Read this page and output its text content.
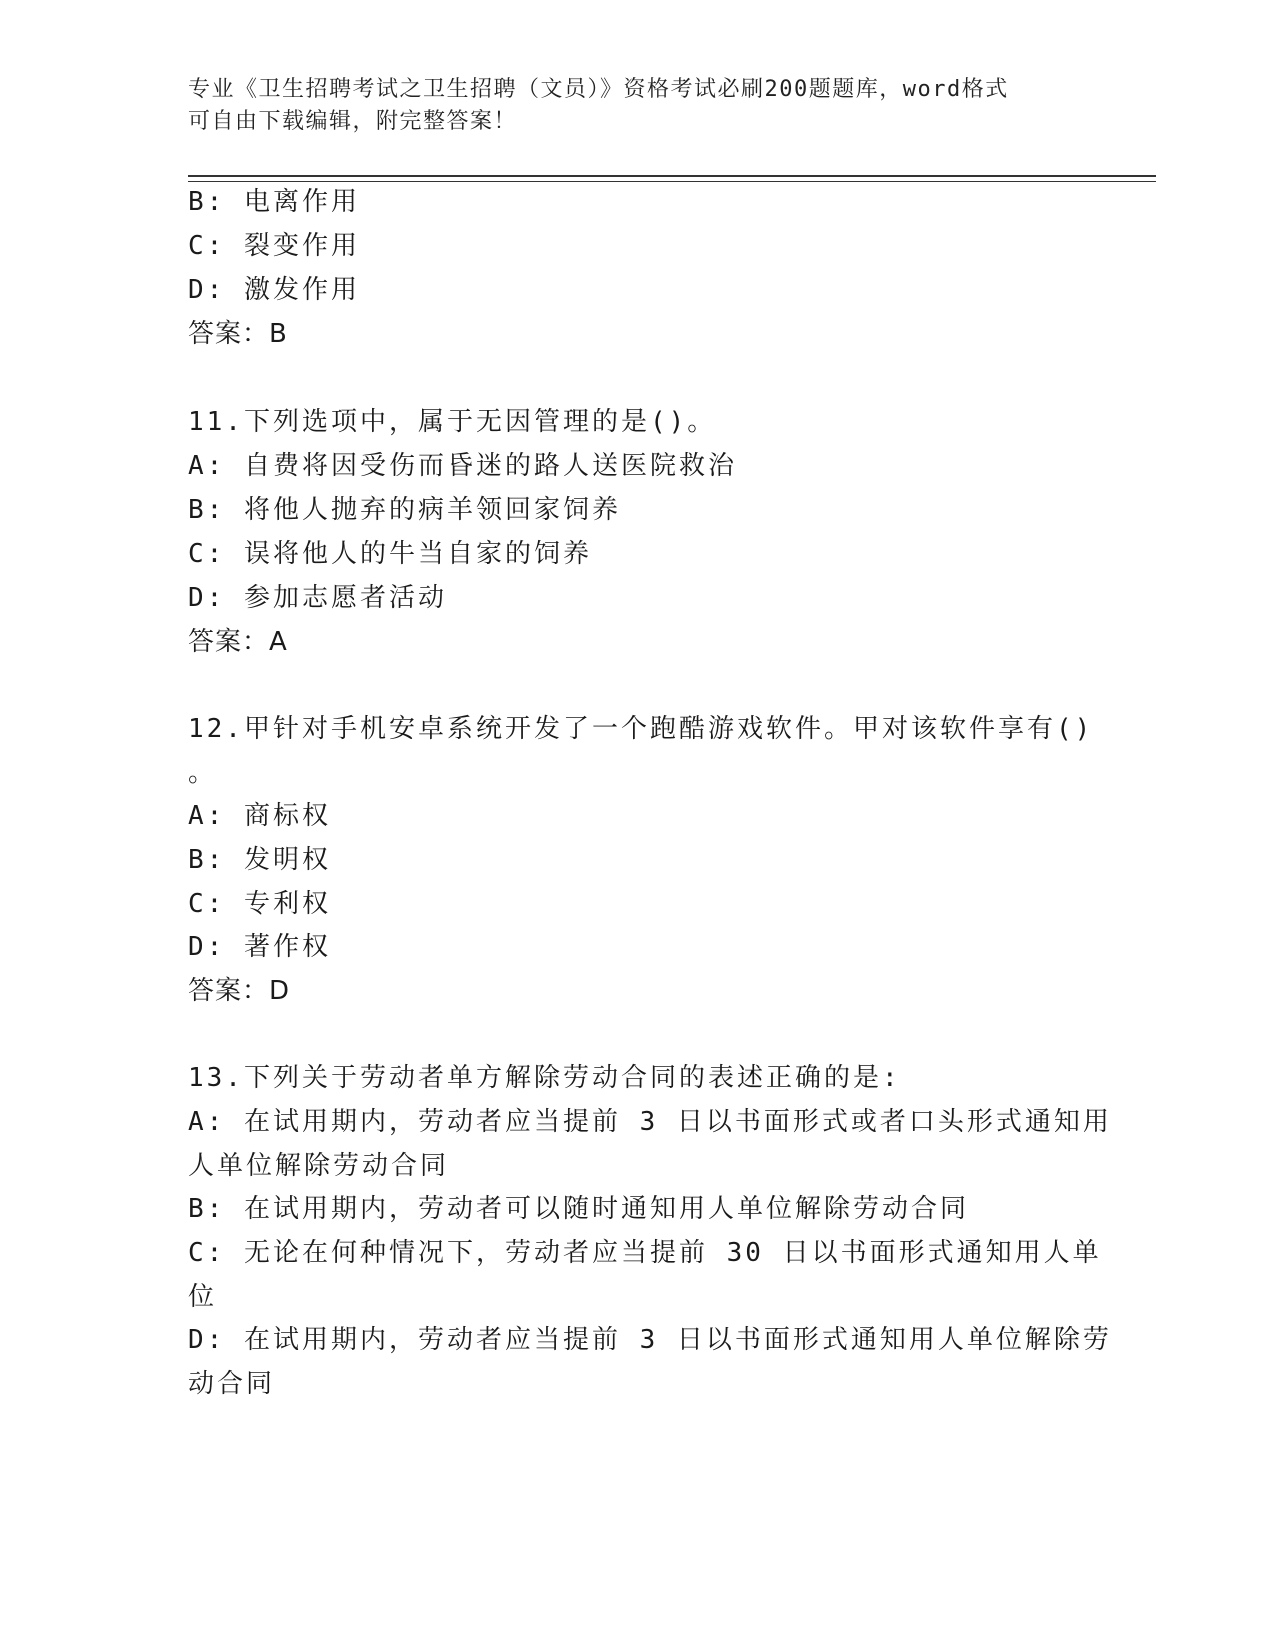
专业《卫生招聘考试之卫生招聘（文员）》资格考试必刷200题题库，word格式
可自由下载编辑，附完整答案！
B: 电离作用
C: 裂变作用
D: 激发作用
答案：B
11.下列选项中，属于无因管理的是()。
A: 自费将因受伤而昏迷的路人送医院救治
B: 将他人抛弃的病羊领回家饲养
C: 误将他人的牛当自家的饲养
D: 参加志愿者活动
答案：A
12.甲针对手机安卓系统开发了一个跑酷游戏软件。甲对该软件享有()
。
A: 商标权
B: 发明权
C: 专利权
D: 著作权
答案：D
13.下列关于劳动者单方解除劳动合同的表述正确的是:
A: 在试用期内，劳动者应当提前 3 日以书面形式或者口头形式通知用
人单位解除劳动合同
B: 在试用期内，劳动者可以随时通知用人单位解除劳动合同
C: 无论在何种情况下，劳动者应当提前 30 日以书面形式通知用人单
位
D: 在试用期内，劳动者应当提前 3 日以书面形式通知用人单位解除劳
动合同
